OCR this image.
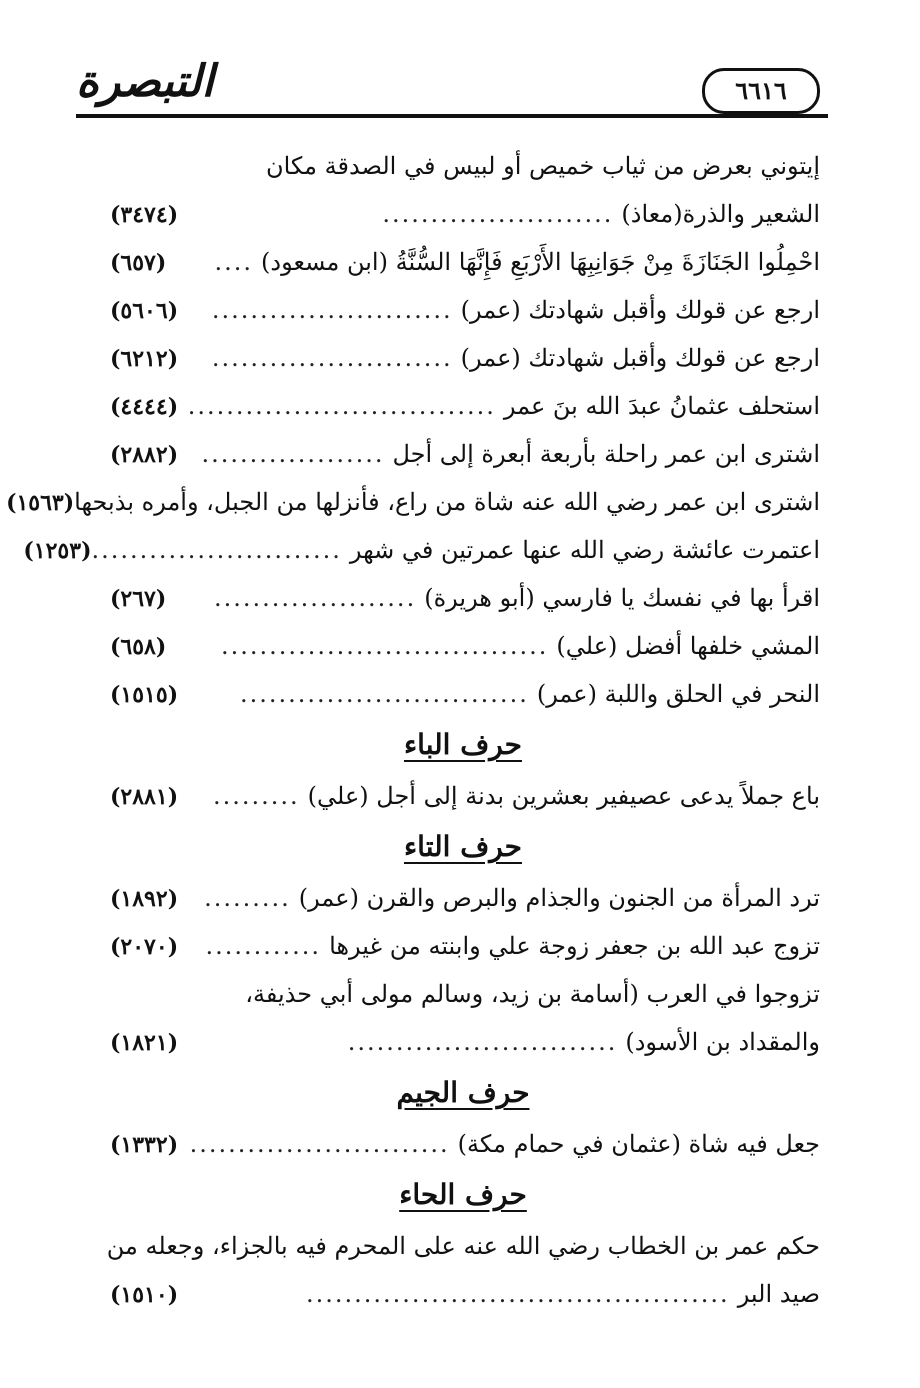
التبصرة	٦٦١٦
إيتوني بعرض من ثياب خميص أو لبيس في الصدقة مكان
الشعير والذرة(معاذ)
........................
(٣٤٧٤)
احْمِلُوا الجَنَازَةَ مِنْ جَوَانِبِهَا الأَرْبَعِ فَإِنَّهَا السُّنَّةُ (ابن مسعود)
....
(٦٥٧)
ارجع عن قولك وأقبل شهادتك (عمر)
.........................
(٥٦٠٦)
ارجع عن قولك وأقبل شهادتك (عمر)
.........................
(٦٢١٢)
استحلف عثمانُ عبدَ الله بنَ عمر
................................
(٤٤٤٤)
اشترى ابن عمر راحلة بأربعة أبعرة إلى أجل
...................
(٢٨٨٢)
اشترى ابن عمر رضي الله عنه شاة من راع، فأنزلها من الجبل، وأمره بذبحها
(١٥٦٣)
اعتمرت عائشة رضي الله عنها عمرتين في شهر
..........................
(١٢٥٣)
اقرأ بها في نفسك يا فارسي (أبو هريرة)
.....................
(٢٦٧)
المشي خلفها أفضل (علي)
..................................
(٦٥٨)
النحر في الحلق واللبة (عمر)
..............................
(١٥١٥)
حرف الباء
باع جملاً يدعى عصيفير بعشرين بدنة إلى أجل (علي)
.........
(٢٨٨١)
حرف التاء
ترد المرأة من الجنون والجذام والبرص والقرن (عمر)
.........
(١٨٩٢)
تزوج عبد الله بن جعفر زوجة علي وابنته من غيرها
............
(٢٠٧٠)
تزوجوا في العرب (أسامة بن زيد، وسالم مولى أبي حذيفة،
والمقداد بن الأسود)
............................
(١٨٢١)
حرف الجيم
جعل فيه شاة (عثمان في حمام مكة)
...........................
(١٣٣٢)
حرف الحاء
حكم عمر بن الخطاب رضي الله عنه على المحرم فيه بالجزاء، وجعله من
صيد البر
............................................
(١٥١٠)
